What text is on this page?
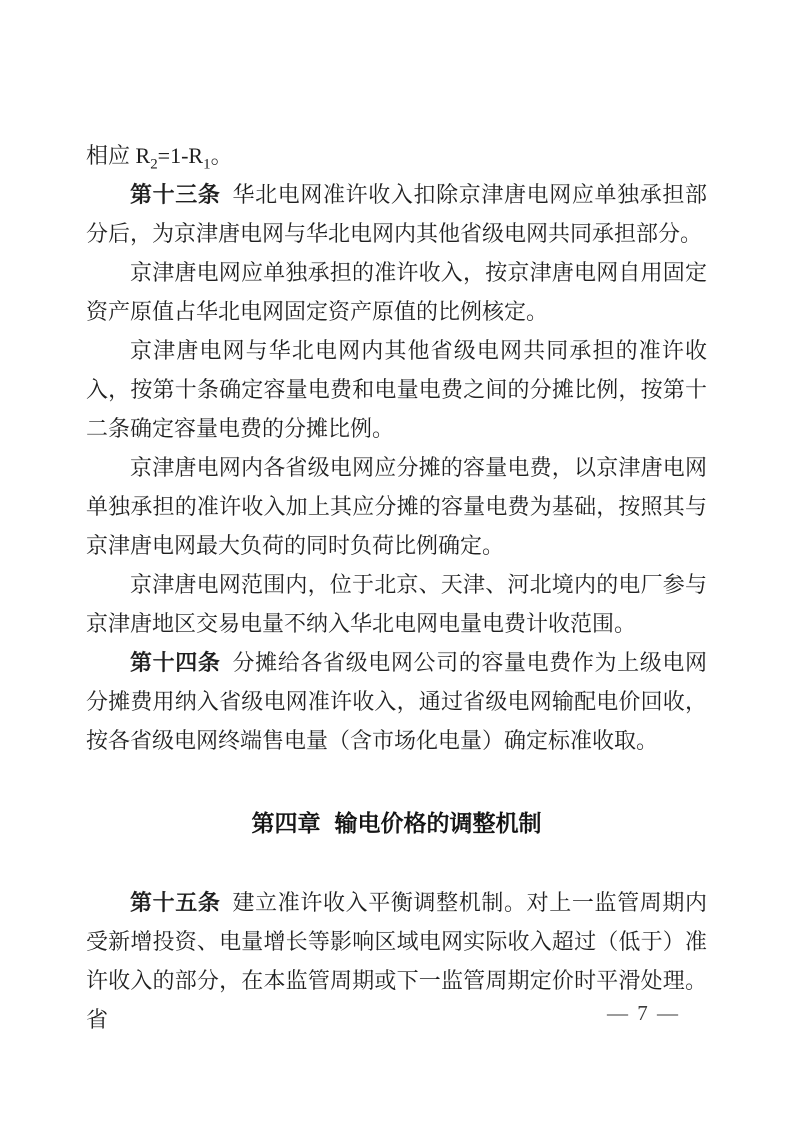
相应 $R_2=1-R_1$。

第十三条 华北电网准许收入扣除京津唐电网应单独承担部分后，为京津唐电网与华北电网内其他省级电网共同承担部分。

京津唐电网应单独承担的准许收入，按京津唐电网自用固定资产原值占华北电网固定资产原值的比例核定。

京津唐电网与华北电网内其他省级电网共同承担的准许收入，按第十条确定容量电费和电量电费之间的分摊比例，按第十二条确定容量电费的分摊比例。

京津唐电网内各省级电网应分摊的容量电费，以京津唐电网单独承担的准许收入加上其应分摊的容量电费为基础，按照其与京津唐电网最大负荷的同时负荷比例确定。

京津唐电网范围内，位于北京、天津、河北境内的电厂参与京津唐地区交易电量不纳入华北电网电量电费计收范围。

第十四条 分摊给各省级电网公司的容量电费作为上级电网分摊费用纳入省级电网准许收入，通过省级电网输配电价回收，按各省级电网终端售电量（含市场化电量）确定标准收取。

第四章 输电价格的调整机制

第十五条 建立准许收入平衡调整机制。对上一监管周期内受新增投资、电量增长等影响区域电网实际收入超过（低于）准许收入的部分，在本监管周期或下一监管周期定价时平滑处理。省	— 7 —
